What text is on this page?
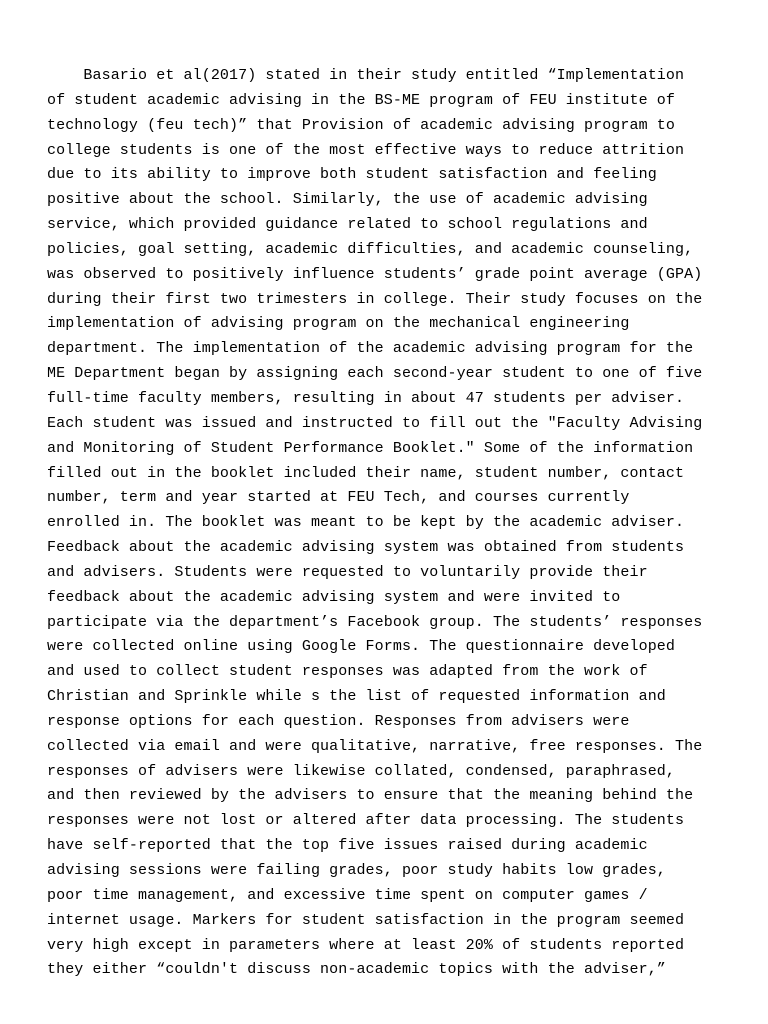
Basario et al(2017) stated in their study entitled “Implementation
of student academic advising in the BS-ME program of FEU institute of
technology (feu tech)” that Provision of academic advising program to
college students is one of the most effective ways to reduce attrition
due to its ability to improve both student satisfaction and feeling
positive about the school. Similarly, the use of academic advising
service, which provided guidance related to school regulations and
policies, goal setting, academic difficulties, and academic counseling,
was observed to positively influence students’ grade point average (GPA)
during their first two trimesters in college. Their study focuses on the
implementation of advising program on the mechanical engineering
department. The implementation of the academic advising program for the
ME Department began by assigning each second-year student to one of five
full-time faculty members, resulting in about 47 students per adviser.
Each student was issued and instructed to fill out the "Faculty Advising
and Monitoring of Student Performance Booklet." Some of the information
filled out in the booklet included their name, student number, contact
number, term and year started at FEU Tech, and courses currently
enrolled in. The booklet was meant to be kept by the academic adviser.
Feedback about the academic advising system was obtained from students
and advisers. Students were requested to voluntarily provide their
feedback about the academic advising system and were invited to
participate via the department’s Facebook group. The students’ responses
were collected online using Google Forms. The questionnaire developed
and used to collect student responses was adapted from the work of
Christian and Sprinkle while s the list of requested information and
response options for each question. Responses from advisers were
collected via email and were qualitative, narrative, free responses. The
responses of advisers were likewise collated, condensed, paraphrased,
and then reviewed by the advisers to ensure that the meaning behind the
responses were not lost or altered after data processing. The students
have self-reported that the top five issues raised during academic
advising sessions were failing grades, poor study habits low grades,
poor time management, and excessive time spent on computer games /
internet usage. Markers for student satisfaction in the program seemed
very high except in parameters where at least 20% of students reported
they either “couldn't discuss non-academic topics with the adviser,”
